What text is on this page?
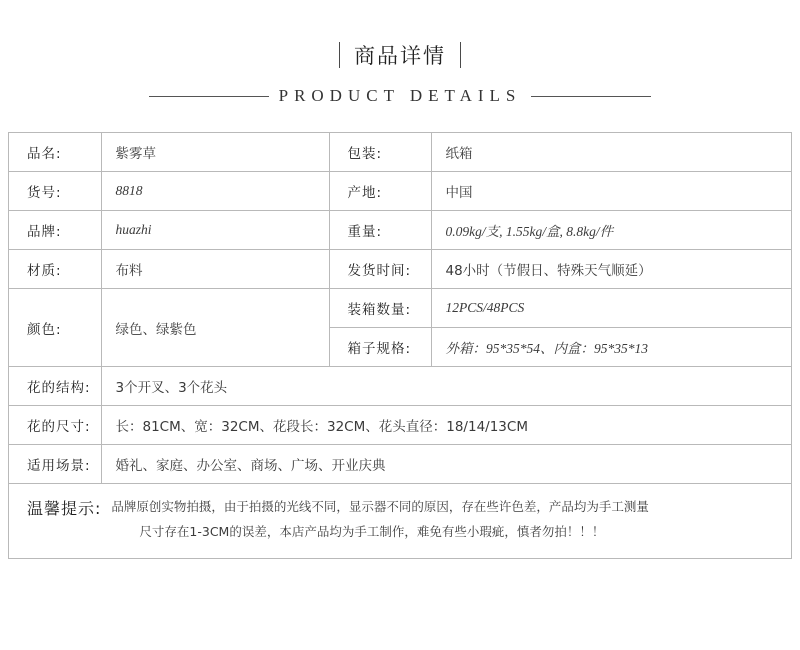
商品详情
PRODUCT DETAILS
品名:	紫雾草	包装:	纸箱
货号:	8818	产地:	中国
品牌:	huazhi	重量:	0.09kg/支, 1.55kg/盒, 8.8kg/件
材质:	布料	发货时间:	48小时（节假日、特殊天气顺延）
颜色:	绿色、绿紫色	装箱数量:	12PCS/48PCS
		箱子规格:	外箱：95*35*54、内盒：95*35*13
花的结构:	3个开叉、3个花头		
花的尺寸:	长：81CM、宽：32CM、花段长：32CM、花头直径：18/14/13CM		
适用场景:	婚礼、家庭、办公室、商场、广场、开业庆典		
温馨提示: 品牌原创实物拍摄，由于拍摄的光线不同，显示器不同的原因，存在些许色差，产品均为手工测量
尺寸存在1-3CM的误差，本店产品均为手工制作，难免有些小瑕疵，慎者勿拍！！！
